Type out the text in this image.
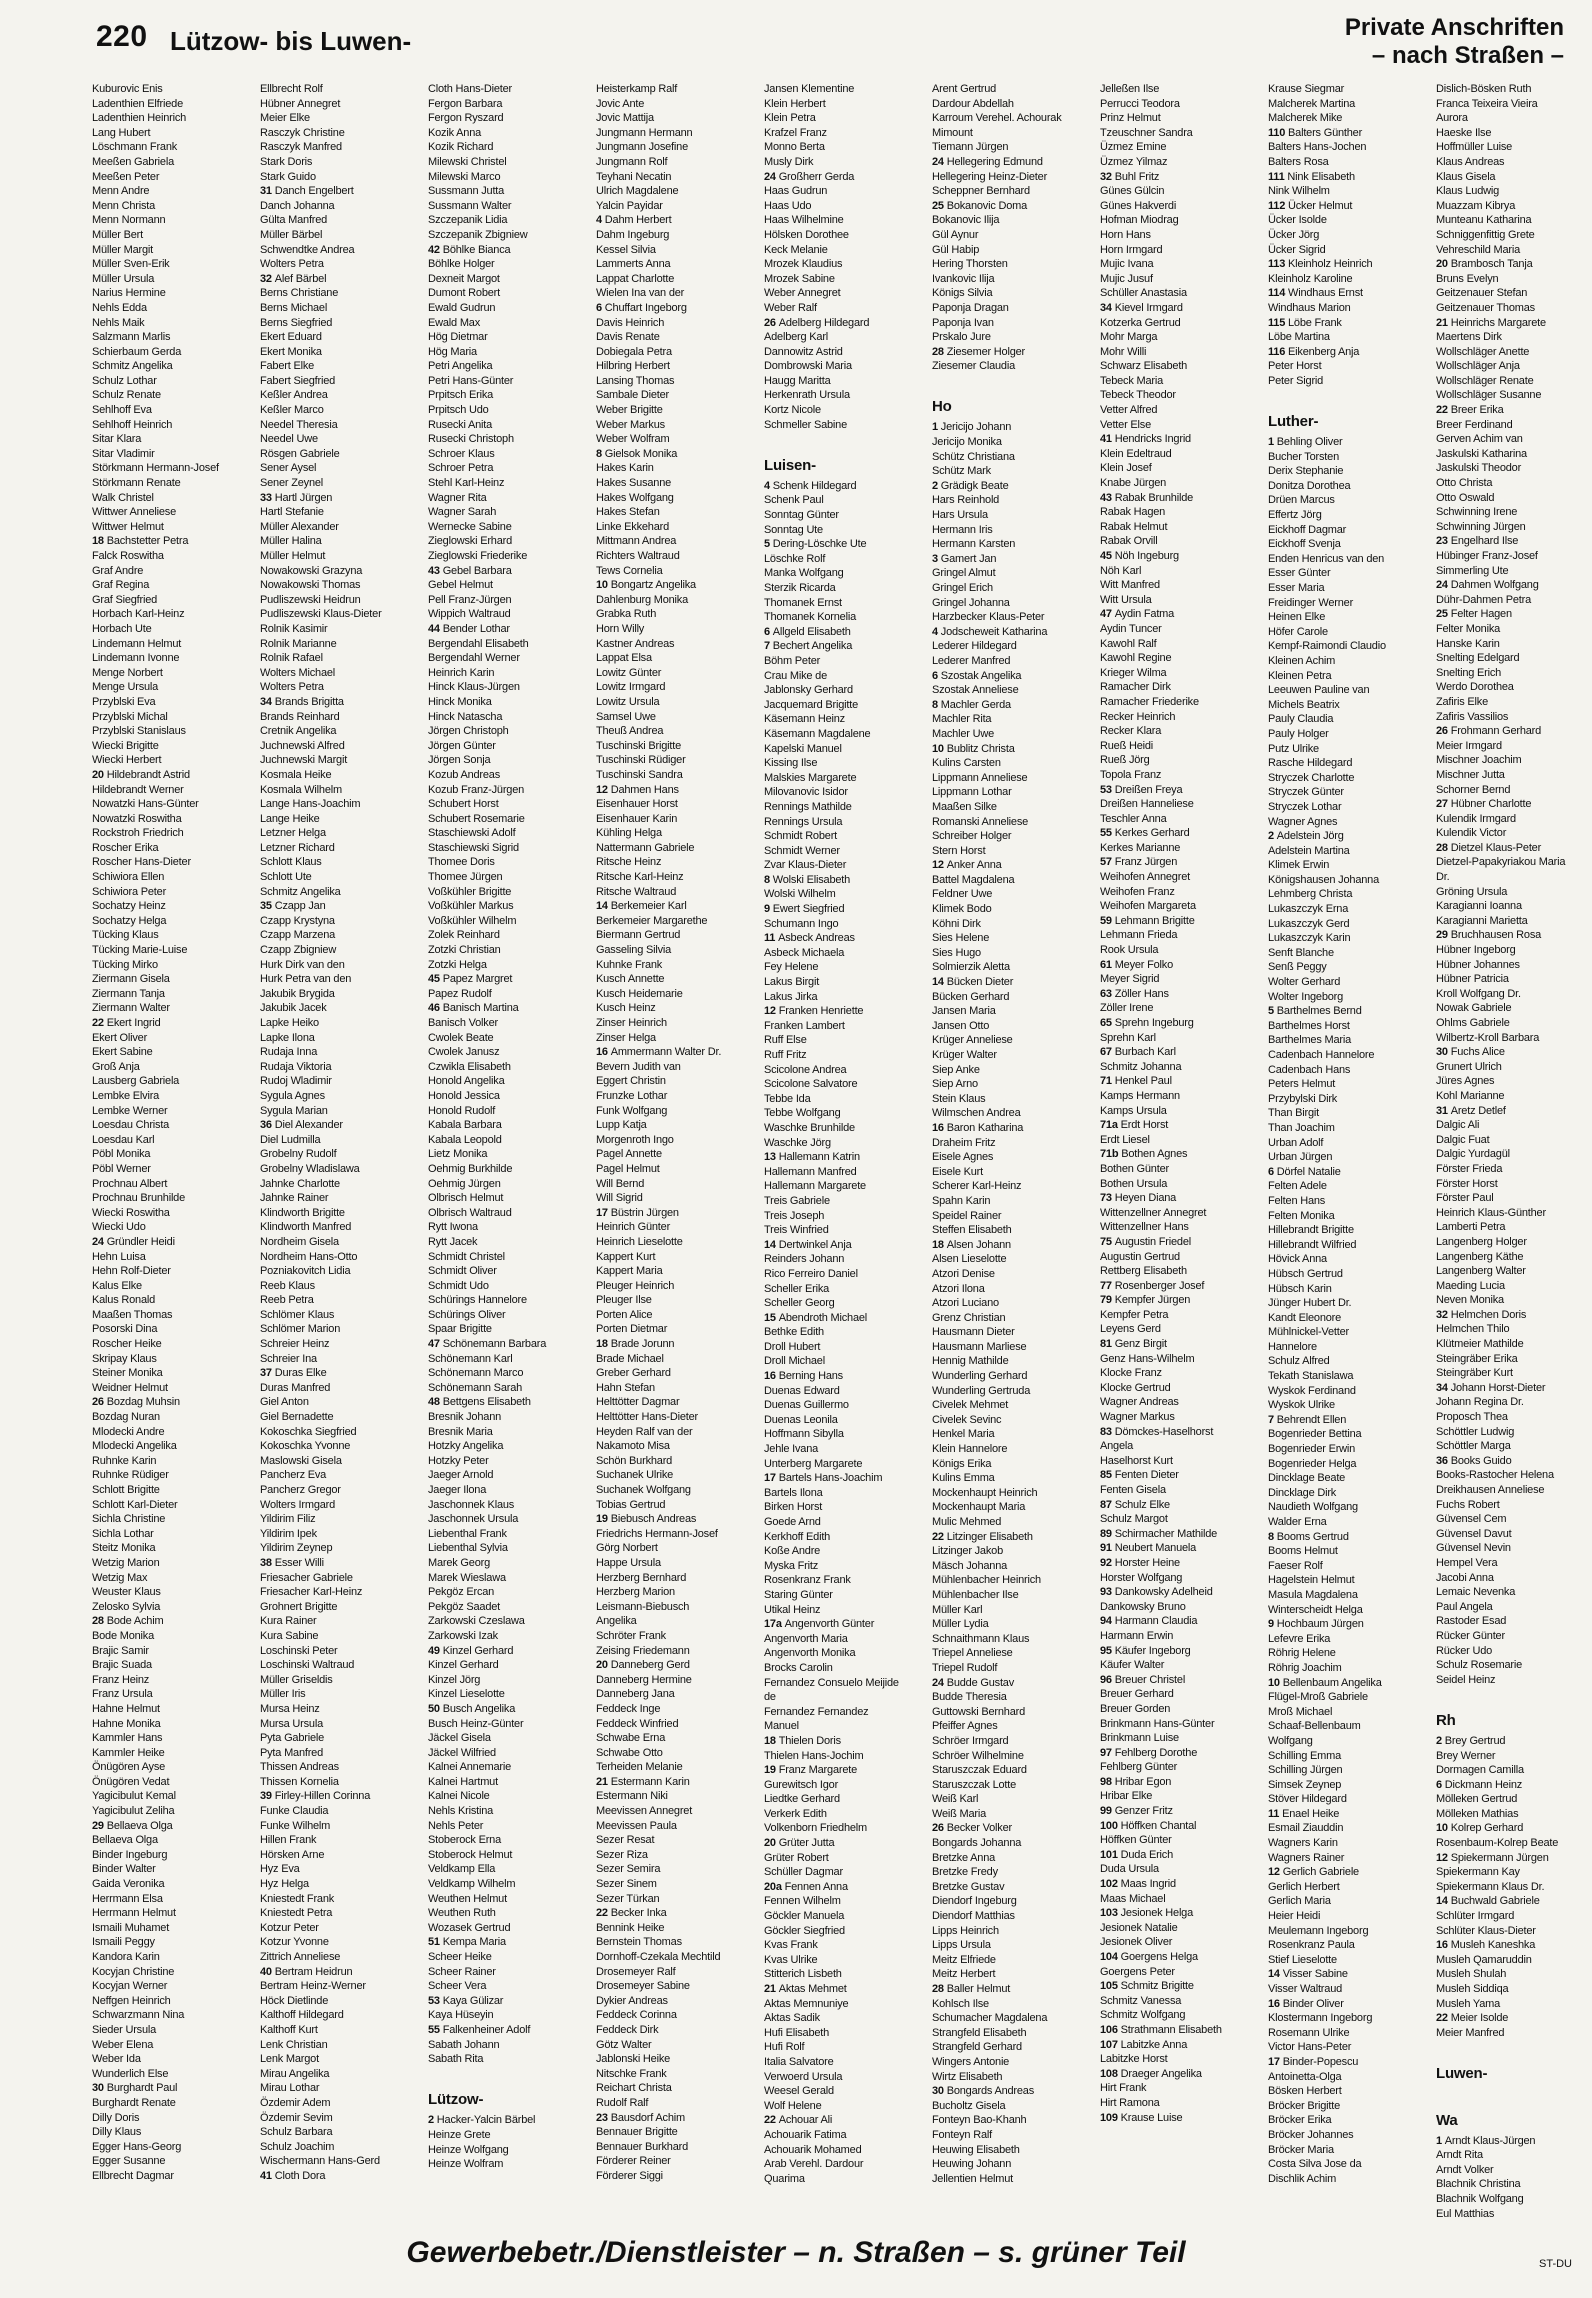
220 Lützow- bis Luwen-	Private Anschriften
– nach Straßen –
Kuburovic Enis
Ladenthien Elfriede
Ladenthien Heinrich
Lang Hubert
Löschmann Frank
Meeßen Gabriela
Meeßen Peter
Menn Andre
Menn Christa
Menn Normann
Müller Bert
Müller Margit
Müller Sven-Erik
Müller Ursula
Narius Hermine
Nehls Edda
Nehls Maik
Salzmann Marlis
Schierbaum Gerda
Schmitz Angelika
Schulz Lothar
Schulz Renate
Sehlhoff Eva
Sehlhoff Heinrich
Sitar Klara
Sitar Vladimir
Störkmann Hermann-Josef
Störkmann Renate
Walk Christel
Wittwer Anneliese
Wittwer Helmut
18 Bachstetter Petra
Falck Roswitha
Graf Andre
Graf Regina
Graf Siegfried
Horbach Karl-Heinz
Horbach Ute
Lindemann Helmut
Lindemann Ivonne
Menge Norbert
Menge Ursula
Przyblski Eva
Przyblski Michal
Przyblski Stanislaus
Wiecki Brigitte
Wiecki Herbert
20 Hildebrandt Astrid
Hildebrandt Werner
Nowatzki Hans-Günter
Nowatzki Roswitha
Rockstroh Friedrich
Roscher Erika
Roscher Hans-Dieter
Schiwiora Ellen
Schiwiora Peter
Sochatzy Heinz
Sochatzy Helga
Tücking Klaus
Tücking Marie-Luise
Tücking Mirko
Ziermann Gisela
Ziermann Tanja
Ziermann Walter
22 Ekert Ingrid
Ekert Oliver
Ekert Sabine
Groß Anja
Lausberg Gabriela
Lembke Elvira
Lembke Werner
Loesdau Christa
Loesdau Karl
Pöbl Monika
Pöbl Werner
Prochnau Albert
Prochnau Brunhilde
Wiecki Roswitha
Wiecki Udo
24 Gründler Heidi
Hehn Luisa
Hehn Rolf-Dieter
Kalus Elke
Kalus Ronald
Maaßen Thomas
Posorski Dina
Roscher Heike
Skripay Klaus
Steiner Monika
Weidner Helmut
26 Bozdag Muhsin
Bozdag Nuran
Mlodecki Andre
Mlodecki Angelika
Ruhnke Karin
Ruhnke Rüdiger
Schlott Brigitte
Schlott Karl-Dieter
Sichla Christine
Sichla Lothar
Steitz Monika
Wetzig Marion
Wetzig Max
Weuster Klaus
Zelosko Sylvia
28 Bode Achim
Bode Monika
Brajic Samir
Brajic Suada
Franz Heinz
Franz Ursula
Hahne Helmut
Hahne Monika
Kammler Hans
Kammler Heike
Önügören Ayse
Önügören Vedat
Yagicibulut Kemal
Yagicibulut Zeliha
29 Bellaeva Olga
Bellaeva Olga
Binder Ingeburg
Binder Walter
Gaida Veronika
Herrmann Elsa
Herrmann Helmut
Ismaili Muhamet
Ismaili Peggy
Kandora Karin
Kocyjan Christine
Kocyjan Werner
Neffgen Heinrich
Schwarzmann Nina
Sieder Ursula
Weber Elena
Weber Ida
Wunderlich Else
30 Burghardt Paul
Burghardt Renate
Dilly Doris
Dilly Klaus
Egger Hans-Georg
Egger Susanne
Ellbrecht Dagmar
Ellbrecht Rolf
Hübner Annegret
Meier Elke
Rasczyk Christine
Rasczyk Manfred
Stark Doris
Stark Guido
31 Danch Engelbert
Danch Johanna
Gülta Manfred
Müller Bärbel
Schwendtke Andrea
Wolters Petra
32 Alef Bärbel
Berns Christiane
Berns Michael
Berns Siegfried
Ekert Eduard
Ekert Monika
Fabert Elke
Fabert Siegfried
Keßler Andrea
Keßler Marco
Needel Theresia
Needel Uwe
Rösgen Gabriele
Sener Aysel
Sener Zeynel
33 Hartl Jürgen
Hartl Stefanie
Müller Alexander
Müller Halina
Müller Helmut
Nowakowski Grazyna
Nowakowski Thomas
Pudliszewski Heidrun
Pudliszewski Klaus-Dieter
Rolnik Kasimir
Rolnik Marianne
Rolnik Rafael
Wolters Michael
Wolters Petra
34 Brands Brigitta
Brands Reinhard
Cretnik Angelika
Juchnewski Alfred
Juchnewski Margit
Kosmala Heike
Kosmala Wilhelm
Lange Hans-Joachim
Lange Heike
Letzner Helga
Letzner Richard
Schlott Klaus
Schlott Ute
Schmitz Angelika
35 Czapp Jan
Czapp Krystyna
Czapp Marzena
Czapp Zbigniew
Hurk Dirk van den
Hurk Petra van den
Jakubik Brygida
Jakubik Jacek
Lapke Heiko
Lapke Ilona
Rudaja Inna
Rudaja Viktoria
Rudoj Wladimir
Sygula Agnes
Sygula Marian
36 Diel Alexander
Diel Ludmilla
Grobelny Rudolf
Grobelny Wladislawa
Jahnke Charlotte
Jahnke Rainer
Klindworth Brigitte
Klindworth Manfred
Nordheim Gisela
Nordheim Hans-Otto
Pozniakovitch Lidia
Reeb Klaus
Reeb Petra
Schlömer Klaus
Schlömer Marion
Schreier Heinz
Schreier Ina
37 Duras Elke
Duras Manfred
Giel Anton
Giel Bernadette
Kokoschka Siegfried
Kokoschka Yvonne
Maslowski Gisela
Pancherz Eva
Pancherz Gregor
Wolters Irmgard
Yildirim Filiz
Yildirim Ipek
Yildirim Zeynep
38 Esser Willi
Friesacher Gabriele
Friesacher Karl-Heinz
Grohnert Brigitte
Kura Rainer
Kura Sabine
Loschinski Peter
Loschinski Waltraud
Müller Griseldis
Müller Iris
Mursa Heinz
Mursa Ursula
Pyta Gabriele
Pyta Manfred
Thissen Andreas
Thissen Kornelia
39 Firley-Hillen Corinna
Funke Claudia
Funke Wilhelm
Hillen Frank
Hörsken Arne
Hyz Eva
Hyz Helga
Kniestedt Frank
Kniestedt Petra
Kotzur Peter
Kotzur Yvonne
Zittrich Anneliese
40 Bertram Heidrun
Bertram Heinz-Werner
Höck Dietlinde
Kalthoff Hildegard
Kalthoff Kurt
Lenk Christian
Lenk Margot
Mirau Angelika
Mirau Lothar
Özdemir Adem
Özdemir Sevim
Schulz Barbara
Schulz Joachim
Wischermann Hans-Gerd
41 Cloth Dora
Cloth Hans-Dieter
Fergon Barbara
Fergon Ryszard
Kozik Anna
Kozik Richard
Milewski Christel
Milewski Marco
Sussmann Jutta
Sussmann Walter
Szczepanik Lidia
Szczepanik Zbigniew
42 Böhlke Bianca
Böhlke Holger
Dexneit Margot
Dumont Robert
Ewald Gudrun
Ewald Max
Hög Dietmar
Hög Maria
Petri Angelika
Petri Hans-Günter
Prpitsch Erika
Prpitsch Udo
Rusecki Anita
Rusecki Christoph
Schroer Klaus
Schroer Petra
Stehl Karl-Heinz
Wagner Rita
Wagner Sarah
Wernecke Sabine
Zieglowski Erhard
Zieglowski Friederike
43 Gebel Barbara
Gebel Helmut
Pell Franz-Jürgen
Wippich Waltraud
44 Bender Lothar
Bergendahl Elisabeth
Bergendahl Werner
Heinrich Karin
Hinck Klaus-Jürgen
Hinck Monika
Hinck Natascha
Jörgen Christoph
Jörgen Günter
Jörgen Sonja
Kozub Andreas
Kozub Franz-Jürgen
Schubert Horst
Schubert Rosemarie
Staschiewski Adolf
Staschiewski Sigrid
Thomee Doris
Thomee Jürgen
Voßkühler Brigitte
Voßkühler Markus
Voßkühler Wilhelm
Zolek Reinhard
Zotzki Christian
Zotzki Helga
45 Papez Margret
Papez Rudolf
46 Banisch Martina
Banisch Volker
Cwolek Beate
Cwolek Janusz
Czwikla Elisabeth
Honold Angelika
Honold Jessica
Honold Rudolf
Kabala Barbara
Kabala Leopold
Lietz Monika
Oehmig Burkhilde
Oehmig Jürgen
Olbrisch Helmut
Olbrisch Waltraud
Rytt Iwona
Rytt Jacek
Schmidt Christel
Schmidt Oliver
Schmidt Udo
Schürings Hannelore
Schürings Oliver
Spaar Brigitte
47 Schönemann Barbara
Schönemann Karl
Schönemann Marco
Schönemann Sarah
48 Bettgens Elisabeth
Bresnik Johann
Bresnik Maria
Hotzky Angelika
Hotzky Peter
Jaeger Arnold
Jaeger Ilona
Jaschonnek Klaus
Jaschonnek Ursula
Liebenthal Frank
Liebenthal Sylvia
Marek Georg
Marek Wieslawa
Pekgöz Ercan
Pekgöz Saadet
Zarkowski Czeslawa
Zarkowski Izak
49 Kinzel Gerhard
Kinzel Gerhard
Kinzel Jörg
Kinzel Lieselotte
50 Busch Angelika
Busch Heinz-Günter
Jäckel Gisela
Jäckel Wilfried
Kalnei Annemarie
Kalnei Hartmut
Kalnei Nicole
Nehls Kristina
Nehls Peter
Stoberock Erna
Stoberock Helmut
Veldkamp Ella
Veldkamp Wilhelm
Weuthen Helmut
Weuthen Ruth
Wozasek Gertrud
51 Kempa Maria
Scheer Heike
Scheer Rainer
Scheer Vera
53 Kaya Gülizar
Kaya Hüseyin
55 Falkenheiner Adolf
Sabath Johann
Sabath Rita

Lützow-
2 Hacker-Yalcin Bärbel
Heinze Grete
Heinze Wolfgang
Heinze Wolfram
Heisterkamp Ralf
Jovic Ante
Jovic Mattija
Jungmann Hermann
Jungmann Josefine
Jungmann Rolf
Teyhani Necatin
Ulrich Magdalene
Yalcin Payidar
4 Dahm Herbert
Dahm Ingeburg
Kessel Silvia
Lammerts Anna
Lappat Charlotte
Wielen Ina van der
6 Chuffart Ingeborg
Davis Heinrich
Davis Renate
Dobiegala Petra
Hilbring Herbert
Lansing Thomas
Sambale Dieter
Weber Brigitte
Weber Markus
Weber Wolfram
8 Gielsok Monika
Hakes Karin
Hakes Susanne
Hakes Wolfgang
Hakes Stefan
Linke Ekkehard
Mittmann Andrea
Richters Waltraud
Tews Cornelia
10 Bongartz Angelika
Dahlenburg Monika
Grabka Ruth
Horn Willy
Kastner Andreas
Lappat Elsa
Lowitz Günter
Lowitz Irmgard
Lowitz Ursula
Samsel Uwe
Theuß Andrea
Tuschinski Brigitte
Tuschinski Rüdiger
Tuschinski Sandra
12 Dahmen Hans
Eisenhauer Horst
Eisenhauer Karin
Kühling Helga
Nattermann Gabriele
Ritsche Heinz
Ritsche Karl-Heinz
Ritsche Waltraud
14 Berkemeier Karl
Berkemeier Margarethe
Biermann Gertrud
Gasseling Silvia
Kuhnke Frank
Kusch Annette
Kusch Heidemarie
Kusch Heinz
Zinser Heinrich
Zinser Helga
16 Ammermann Walter Dr.
Bevern Judith van
Eggert Christin
Frunzke Lothar
Funk Wolfgang
Lupp Katja
Morgenroth Ingo
Pagel Annette
Pagel Helmut
Will Bernd
Will Sigrid
17 Büstrin Jürgen
Heinrich Günter
Heinrich Lieselotte
Kappert Kurt
Kappert Maria
Pleuger Heinrich
Pleuger Ilse
Porten Alice
Porten Dietmar
18 Brade Jorunn
Brade Michael
Greber Gerhard
Hahn Stefan
Helttötter Dagmar
Helttötter Hans-Dieter
Heyden Ralf van der
Nakamoto Misa
Schön Burkhard
Suchanek Ulrike
Suchanek Wolfgang
Tobias Gertrud
19 Biebusch Andreas
Friedrichs Hermann-Josef
Görg Norbert
Happe Ursula
Herzberg Bernhard
Herzberg Marion
Leismann-Biebusch
Angelika
Schröter Frank
Zeising Friedemann
20 Danneberg Gerd
Danneberg Hermine
Danneberg Jana
Feddeck Inge
Feddeck Winfried
Schwabe Erna
Schwabe Otto
Terheiden Melanie
21 Estermann Karin
Estermann Niki
Meevissen Annegret
Meevissen Paula
Sezer Resat
Sezer Riza
Sezer Semira
Sezer Sinem
Sezer Türkan
22 Becker Inka
Bennink Heike
Bernstein Thomas
Dornhoff-Czekala Mechtild
Drosemeyer Ralf
Drosemeyer Sabine
Dykier Andreas
Feddeck Corinna
Feddeck Dirk
Götz Walter
Jablonski Heike
Nitschke Frank
Reichart Christa
Rudolf Ralf
23 Bausdorf Achim
Bennauer Brigitte
Bennauer Burkhard
Förderer Reiner
Förderer Siggi
Jansen Klementine
Klein Herbert
Klein Petra
Krafzel Franz
Monno Berta
Musly Dirk
24 Großherr Gerda
Haas Gudrun
Haas Udo
Haas Wilhelmine
Hölsken Dorothee
Keck Melanie
Mrozek Klaudius
Mrozek Sabine
Weber Annegret
Weber Ralf
26 Adelberg Hildegard
Adelberg Karl
Dannowitz Astrid
Dombrowski Maria
Haugg Maritta
Herkenrath Ursula
Kortz Nicole
Schmeller Sabine

Luisen-
4 Schenk Hildegard
Schenk Paul
Sonntag Günter
Sonntag Ute
5 Dering-Löschke Ute
Löschke Rolf
Manka Wolfgang
Sterzik Ricarda
Thomanek Ernst
Thomanek Kornelia
6 Allgeld Elisabeth
7 Bechert Angelika
Böhm Peter
Crau Mike de
Jablonsky Gerhard
Jacquemard Brigitte
Käsemann Heinz
Käsemann Magdalene
Kapelski Manuel
Kissing Ilse
Malskies Margarete
Milovanovic Isidor
Rennings Mathilde
Rennings Ursula
Schmidt Robert
Schmidt Werner
Zvar Klaus-Dieter
8 Wolski Elisabeth
Wolski Wilhelm
9 Ewert Siegfried
Schumann Ingo
11 Asbeck Andreas
Asbeck Michaela
Fey Helene
Lakus Birgit
Lakus Jirka
12 Franken Henriette
Franken Lambert
Ruff Else
Ruff Fritz
Scicolone Andrea
Scicolone Salvatore
Tebbe Ida
Tebbe Wolfgang
Waschke Brunhilde
Waschke Jörg
13 Hallemann Katrin
Hallemann Manfred
Hallemann Margarete
Treis Gabriele
Treis Joseph
Treis Winfried
14 Dertwinkel Anja
Reinders Johann
Rico Ferreiro Daniel
Scheller Erika
Scheller Georg
15 Abendroth Michael
Bethke Edith
Droll Hubert
Droll Michael
16 Berning Hans
Duenas Edward
Duenas Guillermo
Duenas Leonila
Hoffmann Sibylla
Jehle Ivana
Unterberg Margarete
17 Bartels Hans-Joachim
Bartels Ilona
Birken Horst
Goede Arnd
Kerkhoff Edith
Koße Andre
Myska Fritz
Rosenkranz Frank
Staring Günter
Utikal Heinz
17a Angenvorth Günter
Angenvorth Maria
Angenvorth Monika
Brocks Carolin
Fernandez Consuelo Meijide
de
Fernandez Fernandez
Manuel
18 Thielen Doris
Thielen Hans-Jochim
19 Franz Margarete
Gurewitsch Igor
Liedtke Gerhard
Verkerk Edith
Volkenborn Friedhelm
20 Grüter Jutta
Grüter Robert
Schüller Dagmar
20a Fennen Anna
Fennen Wilhelm
Göckler Manuela
Göckler Siegfried
Kvas Frank
Kvas Ulrike
Stitterich Lisbeth
21 Aktas Mehmet
Aktas Memnuniye
Aktas Sadik
Hufi Elisabeth
Hufi Rolf
Italia Salvatore
Verwoerd Ursula
Weesel Gerald
Wolf Helene
22 Achouar Ali
Achouarik Fatima
Achouarik Mohamed
Arab Verehl. Dardour
Quarima
Arent Gertrud
Dardour Abdellah
Karroum Verehel. Achourak
Mimount
Tiemann Jürgen
24 Hellegering Edmund
Hellegering Heinz-Dieter
Scheppner Bernhard
25 Bokanovic Doma
Bokanovic Ilija
Gül Aynur
Gül Habip
Hering Thorsten
Ivankovic Ilija
Königs Silvia
Paponja Dragan
Paponja Ivan
Prskalo Jure
28 Ziesemer Holger
Ziesemer Claudia

Ho
1 Jericijo Johann
Jericijo Monika
Schütz Christiana
Schütz Mark
2 Grädigk Beate
Hars Reinhold
Hars Ursula
Hermann Iris
Hermann Karsten
3 Gamert Jan
Gringel Almut
Gringel Erich
Gringel Johanna
Harzbecker Klaus-Peter
4 Jodscheweit Katharina
Lederer Hildegard
Lederer Manfred
6 Szostak Angelika
Szostak Anneliese
8 Machler Gerda
Machler Rita
Machler Uwe
10 Bublitz Christa
Kulins Carsten
Lippmann Anneliese
Lippmann Lothar
Maaßen Silke
Romanski Anneliese
Schreiber Holger
Stern Horst
12 Anker Anna
Battel Magdalena
Feldner Uwe
Klimek Bodo
Köhni Dirk
Sies Helene
Sies Hugo
Solmierzik Aletta
14 Bücken Dieter
Bücken Gerhard
Jansen Maria
Jansen Otto
Krüger Anneliese
Krüger Walter
Siep Anke
Siep Arno
Stein Klaus
Wilmschen Andrea
16 Baron Katharina
Draheim Fritz
Eisele Agnes
Eisele Kurt
Scherer Karl-Heinz
Spahn Karin
Speidel Rainer
Steffen Elisabeth
18 Alsen Johann
Alsen Lieselotte
Atzori Denise
Atzori Ilona
Atzori Luciano
Grenz Christian
Hausmann Dieter
Hausmann Marliese
Hennig Mathilde
Wunderling Gerhard
Wunderling Gertruda
Civelek Mehmet
Civelek Sevinc
Henkel Maria
Klein Hannelore
Königs Erika
Kulins Emma
Mockenhaupt Heinrich
Mockenhaupt Maria
Mulic Mehmed
22 Litzinger Elisabeth
Litzinger Jakob
Mäsch Johanna
Mühlenbacher Heinrich
Mühlenbacher Ilse
Müller Karl
Müller Lydia
Schnaithmann Klaus
Triepel Anneliese
Triepel Rudolf
24 Budde Gustav
Budde Theresia
Guttowski Bernhard
Pfeiffer Agnes
Schröer Irmgard
Schröer Wilhelmine
Staruszczak Eduard
Staruszczak Lotte
Weiß Karl
Weiß Maria
26 Becker Volker
Bongards Johanna
Bretzke Anna
Bretzke Fredy
Bretzke Gustav
Diendorf Ingeburg
Diendorf Matthias
Lipps Heinrich
Lipps Ursula
Meitz Elfriede
Meitz Herbert
28 Baller Helmut
Kohlsch Ilse
Schumacher Magdalena
Strangfeld Elisabeth
Strangfeld Gerhard
Wingers Antonie
Wirtz Elisabeth
30 Bongards Andreas
Bucholtz Gisela
Fonteyn Bao-Khanh
Fonteyn Ralf
Heuwing Elisabeth
Heuwing Johann
Jellentien Helmut
Jelleßen Ilse
Perrucci Teodora
Prinz Helmut
Tzeuschner Sandra
Üzmez Emine
Üzmez Yilmaz
32 Buhl Fritz
Günes Gülcin
Günes Hakverdi
Hofman Miodrag
Horn Hans
Horn Irmgard
Mujic Ivana
Mujic Jusuf
Schüller Anastasia
34 Kievel Irmgard
Kotzerka Gertrud
Mohr Marga
Mohr Willi
Schwarz Elisabeth
Tebeck Maria
Tebeck Theodor
Vetter Alfred
Vetter Else
41 Hendricks Ingrid
Klein Edeltraud
Klein Josef
Knabe Jürgen
43 Rabak Brunhilde
Rabak Hagen
Rabak Helmut
Rabak Orvill
45 Nöh Ingeburg
Nöh Karl
Witt Manfred
Witt Ursula
47 Aydin Fatma
Aydin Tuncer
Kawohl Ralf
Kawohl Regine
Krieger Wilma
Ramacher Dirk
Ramacher Friederike
Recker Heinrich
Recker Klara
Rueß Heidi
Rueß Jörg
Topola Franz
53 Dreißen Freya
Dreißen Hanneliese
Teschler Anna
55 Kerkes Gerhard
Kerkes Marianne
57 Franz Jürgen
Weihofen Annegret
Weihofen Franz
Weihofen Margareta
59 Lehmann Brigitte
Lehmann Frieda
Rook Ursula
61 Meyer Folko
Meyer Sigrid
63 Zöller Hans
Zöller Irene
65 Sprehn Ingeburg
Sprehn Karl
67 Burbach Karl
Schmitz Johanna
71 Henkel Paul
Kamps Hermann
Kamps Ursula
71a Erdt Horst
Erdt Liesel
71b Bothen Agnes
Bothen Günter
Bothen Ursula
73 Heyen Diana
Wittenzellner Annegret
Wittenzellner Hans
75 Augustin Friedel
Augustin Gertrud
Rettberg Elisabeth
77 Rosenberger Josef
79 Kempfer Jürgen
Kempfer Petra
Leyens Gerd
81 Genz Birgit
Genz Hans-Wilhelm
Klocke Franz
Klocke Gertrud
Wagner Andreas
Wagner Markus
83 Dömckes-Haselhorst
Angela
Haselhorst Kurt
85 Fenten Dieter
Fenten Gisela
87 Schulz Elke
Schulz Margot
89 Schirmacher Mathilde
91 Neubert Manuela
92 Horster Heine
Horster Wolfgang
93 Dankowsky Adelheid
Dankowsky Bruno
94 Harmann Claudia
Harmann Erwin
95 Käufer Ingeborg
Käufer Walter
96 Breuer Christel
Breuer Gerhard
Breuer Gorden
Brinkmann Hans-Günter
Brinkmann Luise
97 Fehlberg Dorothe
Fehlberg Günter
98 Hribar Egon
Hribar Elke
99 Genzer Fritz
100 Höffken Chantal
Höffken Günter
101 Duda Erich
Duda Ursula
102 Maas Ingrid
Maas Michael
103 Jesionek Helga
Jesionek Natalie
Jesionek Oliver
104 Goergens Helga
Goergens Peter
105 Schmitz Brigitte
Schmitz Vanessa
Schmitz Wolfgang
106 Strathmann Elisabeth
107 Labitzke Anna
Labitzke Horst
108 Draeger Angelika
Hirt Frank
Hirt Ramona
109 Krause Luise
Krause Siegmar
Malcherek Martina
Malcherek Mike
110 Balters Günther
Balters Hans-Jochen
Balters Rosa
111 Nink Elisabeth
Nink Wilhelm
112 Ücker Helmut
Ücker Isolde
Ücker Jörg
Ücker Sigrid
113 Kleinholz Heinrich
Kleinholz Karoline
114 Windhaus Ernst
Windhaus Marion
115 Löbe Frank
Löbe Martina
116 Eikenberg Anja
Peter Horst
Peter Sigrid

Luther-
1 Behling Oliver
Bucher Torsten
Derix Stephanie
Donitza Dorothea
Drüen Marcus
Effertz Jörg
Eickhoff Dagmar
Eickhoff Svenja
Enden Henricus van den
Esser Günter
Esser Maria
Freidinger Werner
Heinen Elke
Höfer Carole
Kempf-Raimondi Claudio
Kleinen Achim
Kleinen Petra
Leeuwen Pauline van
Michels Beatrix
Pauly Claudia
Pauly Holger
Putz Ulrike
Rasche Hildegard
Stryczek Charlotte
Stryczek Günter
Stryczek Lothar
Wagner Agnes
2 Adelstein Jörg
Adelstein Martina
Klimek Erwin
Königshausen Johanna
Lehmberg Christa
Lukaszczyk Erna
Lukaszczyk Gerd
Lukaszczyk Karin
Senft Blanche
Senß Peggy
Wolter Gerhard
Wolter Ingeborg
5 Barthelmes Bernd
Barthelmes Horst
Barthelmes Maria
Cadenbach Hannelore
Cadenbach Hans
Peters Helmut
Przybylski Dirk
Than Birgit
Than Joachim
Urban Adolf
Urban Jürgen
6 Dörfel Natalie
Felten Adele
Felten Hans
Felten Monika
Hillebrandt Brigitte
Hillebrandt Wilfried
Hövick Anna
Hübsch Gertrud
Hübsch Karin
Jünger Hubert Dr.
Kandt Eleonore
Mühlnickel-Vetter
Hannelore
Schulz Alfred
Tekath Stanislawa
Wyskok Ferdinand
Wyskok Ulrike
7 Behrendt Ellen
Bogenrieder Bettina
Bogenrieder Erwin
Bogenrieder Helga
Dincklage Beate
Dincklage Dirk
Naudieth Wolfgang
Walder Erna
8 Booms Gertrud
Booms Helmut
Faeser Rolf
Hagelstein Helmut
Masula Magdalena
Winterscheidt Helga
9 Hochbaum Jürgen
Lefevre Erika
Röhrig Helene
Röhrig Joachim
10 Bellenbaum Angelika
Flügel-Mroß Gabriele
Mroß Michael
Schaaf-Bellenbaum
Wolfgang
Schilling Emma
Schilling Jürgen
Simsek Zeynep
Stöver Hildegard
11 Enael Heike
Esmail Ziauddin
Wagners Karin
Wagners Rainer
12 Gerlich Gabriele
Gerlich Herbert
Gerlich Maria
Heier Heidi
Meulemann Ingeborg
Rosenkranz Paula
Stief Lieselotte
14 Visser Sabine
Visser Waltraud
16 Binder Oliver
Klostermann Ingeborg
Rosemann Ulrike
Victor Hans-Peter
17 Binder-Popescu
Antoinetta-Olga
Bösken Herbert
Bröcker Brigitte
Bröcker Erika
Bröcker Johannes
Bröcker Maria
Costa Silva Jose da
Dischlik Achim
Dislich-Bösken Ruth
Franca Teixeira Vieira
Aurora
Haeske Ilse
Hoffmüller Luise
Klaus Andreas
Klaus Gisela
Klaus Ludwig
Muazzam Kibrya
Munteanu Katharina
Schniggenfittig Grete
Vehreschild Maria
20 Brambosch Tanja
Bruns Evelyn
Geitzenauer Stefan
Geitzenauer Thomas
21 Heinrichs Margarete
Maertens Dirk
Wollschläger Anette
Wollschläger Anja
Wollschläger Renate
Wollschläger Susanne
22 Breer Erika
Breer Ferdinand
Gerven Achim van
Jaskulski Katharina
Jaskulski Theodor
Otto Christa
Otto Oswald
Schwinning Irene
Schwinning Jürgen
23 Engelhard Ilse
Hübinger Franz-Josef
Simmerling Ute
24 Dahmen Wolfgang
Dühr-Dahmen Petra
25 Felter Hagen
Felter Monika
Hanske Karin
Snelting Edelgard
Snelting Erich
Werdo Dorothea
Zafiris Elke
Zafiris Vassilios
26 Frohmann Gerhard
Meier Irmgard
Mischner Joachim
Mischner Jutta
Schorner Bernd
27 Hübner Charlotte
Kulendik Irmgard
Kulendik Victor
28 Dietzel Klaus-Peter
Dietzel-Papakyriakou Maria
Dr.
Gröning Ursula
Karagianni Ioanna
Karagianni Marietta
29 Bruchhausen Rosa
Hübner Ingeborg
Hübner Johannes
Hübner Patricia
Kroll Wolfgang Dr.
Nowak Gabriele
Ohlms Gabriele
Wilbertz-Kroll Barbara
30 Fuchs Alice
Grunert Ulrich
Jüres Agnes
Kohl Marianne
31 Aretz Detlef
Dalgic Ali
Dalgic Fuat
Dalgic Yurdagül
Förster Frieda
Förster Horst
Förster Paul
Heinrich Klaus-Günther
Lamberti Petra
Langenberg Holger
Langenberg Käthe
Langenberg Walter
Maeding Lucia
Neven Monika
32 Helmchen Doris
Helmchen Thilo
Klütmeier Mathilde
Steingräber Erika
Steingräber Kurt
34 Johann Horst-Dieter
Johann Regina Dr.
Proposch Thea
Schöttler Ludwig
Schöttler Marga
36 Books Guido
Books-Rastocher Helena
Dreikhausen Anneliese
Fuchs Robert
Güvensel Cem
Güvensel Davut
Güvensel Nevin
Hempel Vera
Jacobi Anna
Lemaic Nevenka
Paul Angela
Rastoder Esad
Rücker Günter
Rücker Udo
Schulz Rosemarie
Seidel Heinz

Rh
2 Brey Gertrud
Brey Werner
Dormagen Camilla
6 Dickmann Heinz
Mölleken Gertrud
Mölleken Mathias
10 Kolrep Gerhard
Rosenbaum-Kolrep Beate
12 Spiekermann Jürgen
Spiekermann Kay
Spiekermann Klaus Dr.
14 Buchwald Gabriele
Schlüter Irmgard
Schlüter Klaus-Dieter
16 Musleh Kaneshka
Musleh Qamaruddin
Musleh Shulah
Musleh Siddiqa
Musleh Yama
22 Meier Isolde
Meier Manfred

Luwen-

Wa
1 Arndt Klaus-Jürgen
Arndt Rita
Arndt Volker
Blachnik Christina
Blachnik Wolfgang
Eul Matthias
Gewerbebetr./Dienstleister – n. Straßen – s. grüner Teil	ST-DU
